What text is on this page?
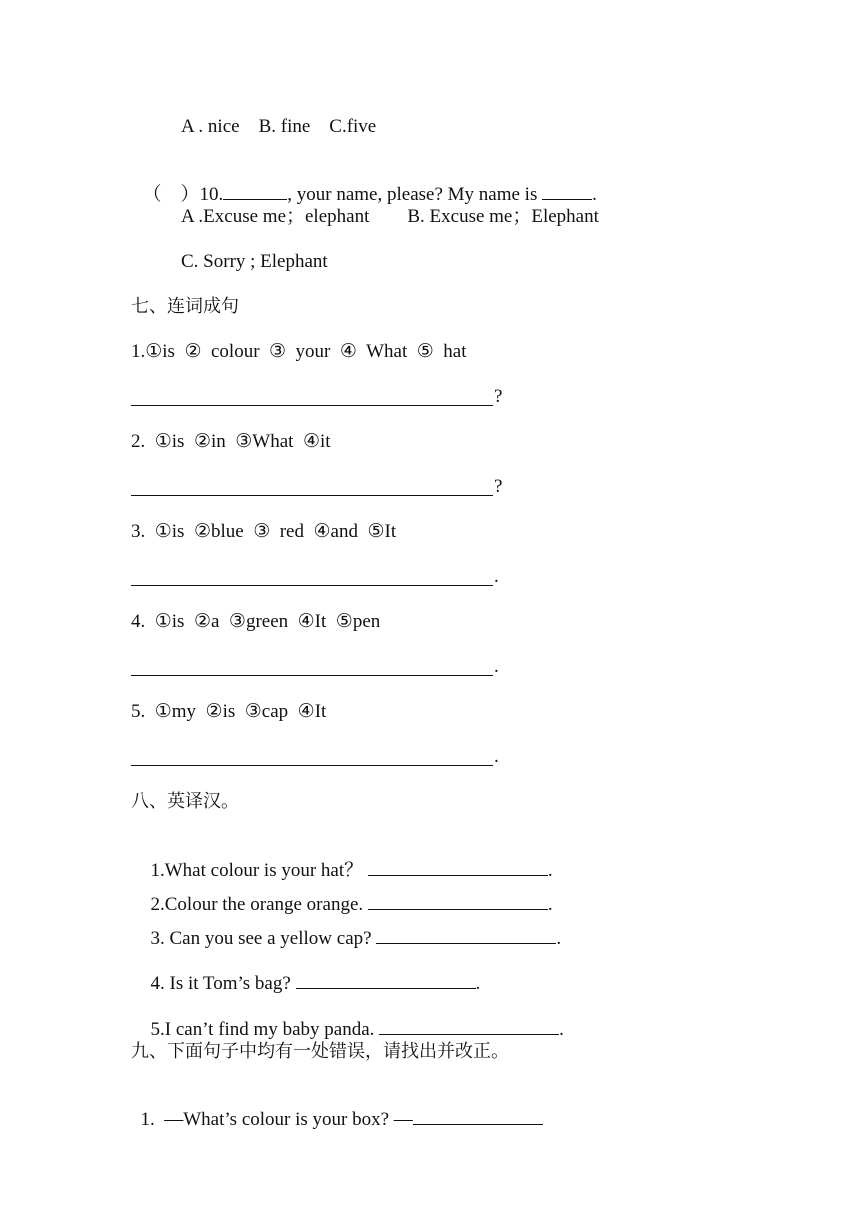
A . nice    B. fine    C.five

（    ）10.	, your name, please? My name is	.

A .Excuse me；elephant        B. Excuse me；Elephant
C. Sorry ; Elephant
七、连词成句
1.①is  ②  colour  ③  your  ④  What  ⑤  hat
?
2.  ①is  ②in  ③What  ④it
?
3.  ①is  ②blue  ③  red  ④and  ⑤It
.
4.  ①is  ②a  ③green  ④It  ⑤pen
.
5.  ①my  ②is  ③cap  ④It
.
八、英译汉。

1.What colour is your hat？	.

2.Colour the orange orange.	.

3. Can you see a yellow cap?	.

4. Is it Tom’s bag?	.

5.I can’t find my baby panda.	.

九、下面句子中均有一处错误，请找出并改正。

1.  —What’s colour is your box? —
